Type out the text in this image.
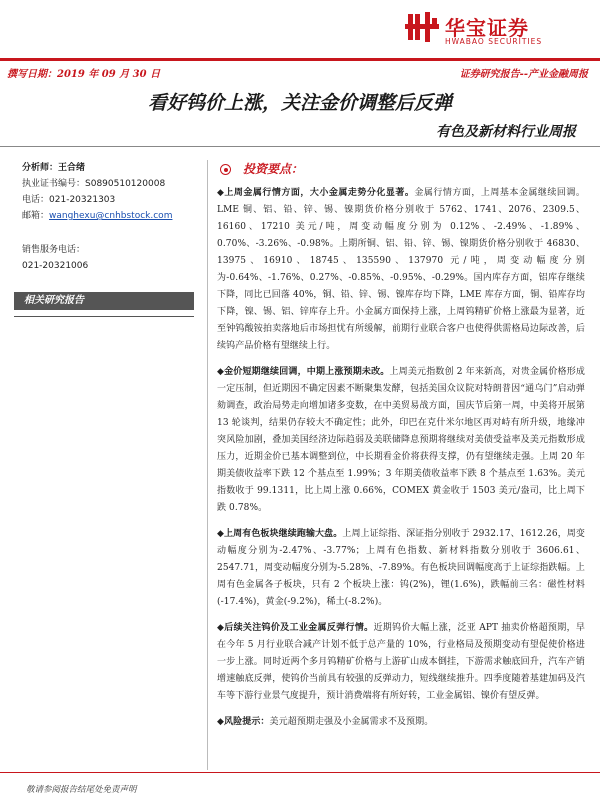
华宝证券
HWABAO SECURITIES
撰写日期：2019 年 09 月 30 日	证券研究报告--产业金融周报
看好钨价上涨，关注金价调整后反弹
有色及新材料行业周报
分析师：王合绪
执业证书编号：S0890510120008
电话：021-20321303
邮箱：wanghexu@cnhbstock.com
销售服务电话：
021-20321006
相关研究报告
投资要点：

◆上周金属行情方面，大小金属走势分化显著。金属行情方面，上周基本金属继续回调。LME 铜、铝、铅、锌、锡、镍期货价格分别收于 5762、1741、2076、2309.5、16160、17210 美元/吨，周变动幅度分别为 0.12%、-2.49%、-1.89%、0.70%、-3.26%、-0.98%。上期所铜、铝、铅、锌、锡、镍期货价格分别收于 46830、13975、16910、18745、135590、137970 元/吨，周变动幅度分别为-0.64%、-1.76%、0.27%、-0.85%、-0.95%、-0.29%。国内库存方面，铝库存继续下降，同比已回落 40%，铜、铅、锌、锡、镍库存均下降，LME 库存方面，铜、铅库存均下降，镍、锡、铝、锌库存上升。小金属方面保持上涨，上周钨精矿价格上涨最为显著，近至钟钨酸铵拍卖落地后市场担忧有所缓解，前期行业联合客户也使得供需格局边际改善，后续钨产品价格有望继续上行。

◆金价短期继续回调，中期上涨预期未改。上周美元指数创 2 年来新高，对贵金属价格形成一定压制，但近期因不确定因素不断聚集发酵，包括美国众议院对特朗普因“通乌门”启动弹劾调查，政治局势走向增加诸多变数，在中美贸易战方面，国庆节后第一周，中美将开展第 13 轮谈判，结果仍存较大不确定性；此外，印巴在克什米尔地区再对峙有所升级，地缘冲突风险加剧，叠加美国经济边际趋弱及美联储降息预期将继续对美债受益率及美元指数形成压力，近期金价已基本调整到位，中长期看金价将获得支撑，仍有望继续走强。上周 20 年期美债收益率下跌 12 个基点至 1.99%；3 年期美债收益率下跌 8 个基点至 1.63%。美元指数收于 99.1311，比上周上涨 0.66%，COMEX 黄金收于 1503 美元/盎司，比上周下跌 0.78%。

◆上周有色板块继续跑输大盘。上周上证综指、深证指分别收于 2932.17、1612.26，周变动幅度分别为-2.47%、-3.77%；上周有色指数、新材料指数分别收于 3606.61、2547.71，周变动幅度分别为-5.28%、-7.89%。有色板块回调幅度高于上证综指跌幅。上周有色金属各子板块，只有 2 个板块上涨：钨(2%)，锂(1.6%)，跌幅前三名：磁性材料(-17.4%)，黄金(-9.2%)，稀土(-8.2%)。

◆后续关注钨价及工业金属反弹行情。近期钨价大幅上涨，泛亚 APT 抽卖价格超预期，早在今年 5 月行业联合减产计划不低于总产量的 10%，行业格局及预期变动有望促使价格进一步上涨。同时近两个多月钨精矿价格与上游矿山成本倒挂，下游需求触底回升，汽车产销增速触底反弹，使钨价当前具有较强的反弹动力，短线继续推升。四季度随着基建加码及汽车等下游行业景气度提升，预计消费端将有所好转，工业金属铝、镍价有望反弹。

◆风险提示：美元超预期走强及小金属需求不及预期。

敬请参阅报告结尾处免责声明
